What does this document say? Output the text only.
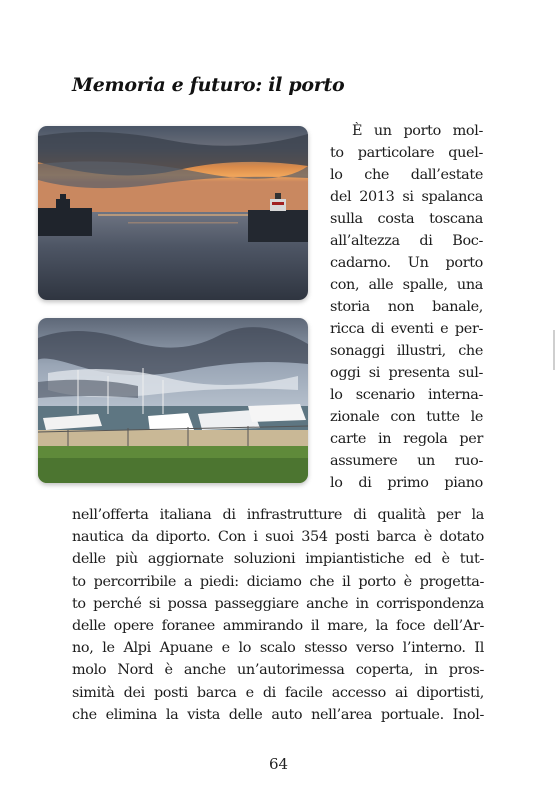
Memoria e futuro: il porto
È un porto mol-
to particolare quel-
lo che dall’estate
del 2013 si spalanca
sulla costa toscana
all’altezza di Boc-
cadarno. Un porto
con, alle spalle, una
storia non banale,
ricca di eventi e per-
sonaggi illustri, che
oggi si presenta sul-
lo scenario interna-
zionale con tutte le
carte in regola per
assumere un ruo-
lo di primo piano
nell’offerta italiana di infrastrutture di qualità per la
nautica da diporto. Con i suoi 354 posti barca è dotato
delle più aggiornate soluzioni impiantistiche ed è tut-
to percorribile a piedi: diciamo che il porto è progetta-
to perché si possa passeggiare anche in corrispondenza
delle opere foranee ammirando il mare, la foce dell’Ar-
no, le Alpi Apuane e lo scalo stesso verso l’interno. Il
molo Nord è anche un’autorimessa coperta, in pros-
simità dei posti barca e di facile accesso ai diportisti,
che elimina la vista delle auto nell’area portuale. Inol-
64
